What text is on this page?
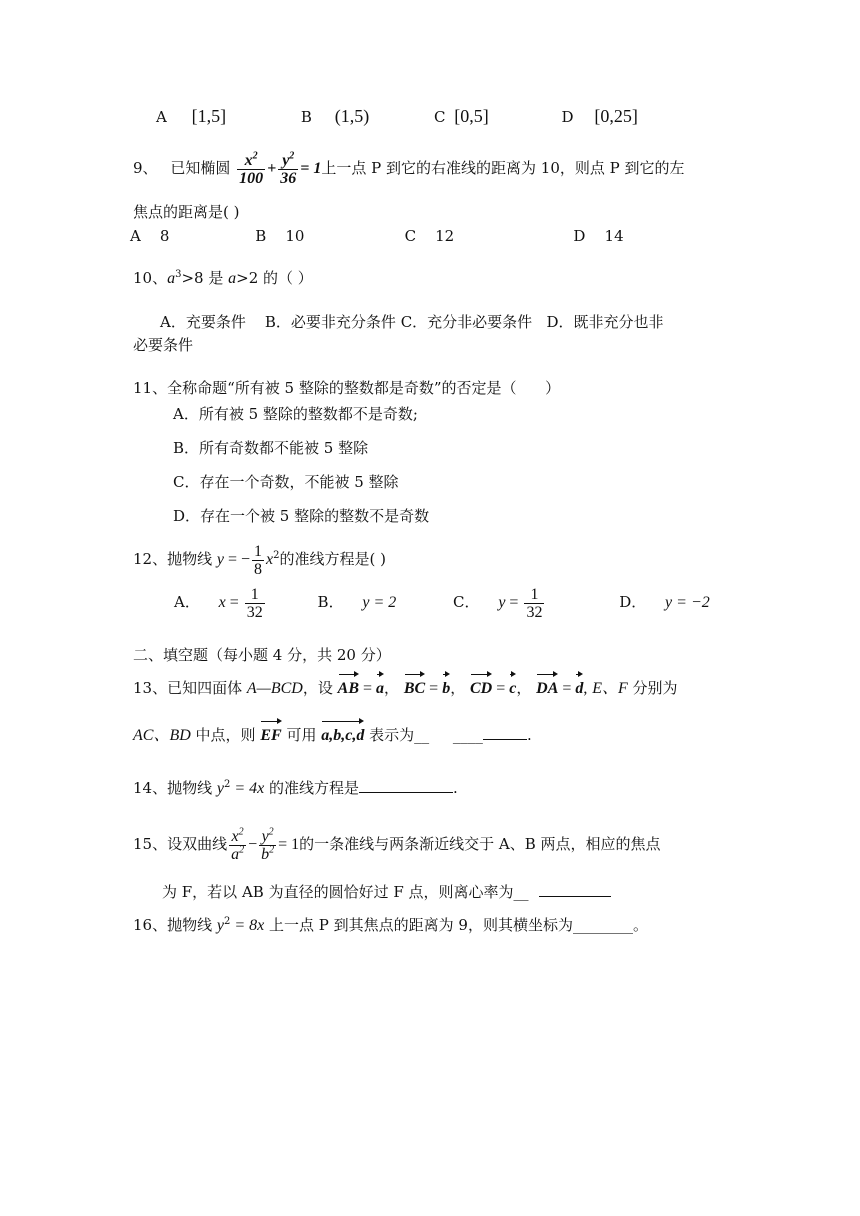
A [1,5]	B (1,5)	C [0,5]	D [0,25]
9、 已知椭圆 $\frac{x^2}{100} + \frac{y^2}{36} = 1$上一点 P 到它的右准线的距离为 10，则点 P 到它的左
焦点的距离是( )
A    8                  B    10                     C    12                         D    14
10、$a^3>8$ 是 a>2 的（ ）
A．充要条件    B．必要非充分条件 C．充分非必要条件   D．既非充分也非
必要条件
11、全称命题“所有被 5 整除的整数都是奇数”的否定是（      ）
A．所有被 5 整除的整数都不是奇数;
B．所有奇数都不能被 5 整除
C．存在一个奇数，不能被 5 整除
D．存在一个被 5 整除的整数不是奇数
12、抛物线 y = − $\frac{1}{8} x^2$的准线方程是( )
A． $x = \frac{1}{32}$	B． y = 2	C． $y = \frac{1}{32}$	D． y = −2
二、填空题（每小题 4 分，共 20 分）
13、已知四面体 A—BCD，设 AB = a， BC = b， CD = c， DA = d, E、F 分别为
AC、BD 中点，则 EF 可用 a,b,c,d 表示为__     ____	.
14、抛物线 $y^2 = 4x$ 的准线方程是	.
15、设双曲线 $\frac{x^2}{a^2} - \frac{y^2}{b^2} = 1$的一条准线与两条渐近线交于 A、B 两点，相应的焦点
为 F，若以 AB 为直径的圆恰好过 F 点，则离心率为__
16、抛物线 $y^2 = 8x$ 上一点 P 到其焦点的距离为 9，则其横坐标为________。
